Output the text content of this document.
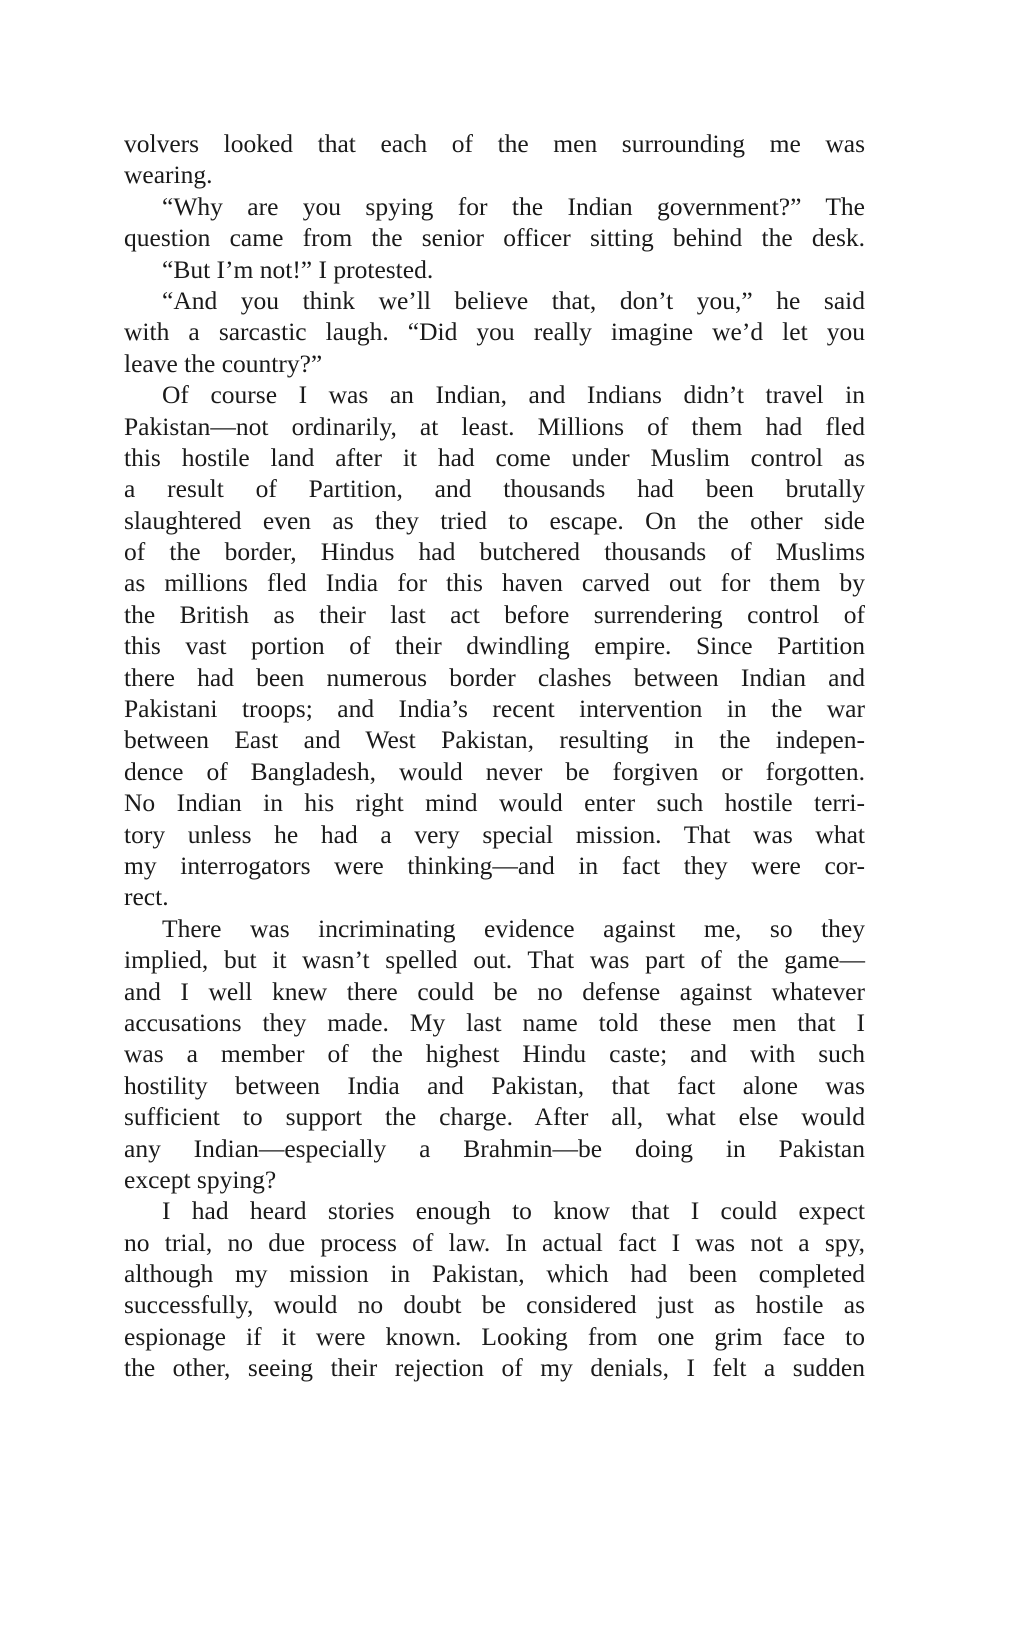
volvers looked that each of the men surrounding me was
wearing.
“Why are you spying for the Indian government?” The
question came from the senior officer sitting behind the desk.
“But I’m not!” I protested.
“And you think we’ll believe that, don’t you,” he said
with a sarcastic laugh. “Did you really imagine we’d let you
leave the country?”
Of course I was an Indian, and Indians didn’t travel in
Pakistan—not ordinarily, at least. Millions of them had fled
this hostile land after it had come under Muslim control as
a result of Partition, and thousands had been brutally
slaughtered even as they tried to escape. On the other side
of the border, Hindus had butchered thousands of Muslims
as millions fled India for this haven carved out for them by
the British as their last act before surrendering control of
this vast portion of their dwindling empire. Since Partition
there had been numerous border clashes between Indian and
Pakistani troops; and India’s recent intervention in the war
between East and West Pakistan, resulting in the indepen-
dence of Bangladesh, would never be forgiven or forgotten.
No Indian in his right mind would enter such hostile terri-
tory unless he had a very special mission. That was what
my interrogators were thinking—and in fact they were cor-
rect.
There was incriminating evidence against me, so they
implied, but it wasn’t spelled out. That was part of the game—
and I well knew there could be no defense against whatever
accusations they made. My last name told these men that I
was a member of the highest Hindu caste; and with such
hostility between India and Pakistan, that fact alone was
sufficient to support the charge. After all, what else would
any Indian—especially a Brahmin—be doing in Pakistan
except spying?
I had heard stories enough to know that I could expect
no trial, no due process of law. In actual fact I was not a spy,
although my mission in Pakistan, which had been completed
successfully, would no doubt be considered just as hostile as
espionage if it were known. Looking from one grim face to
the other, seeing their rejection of my denials, I felt a sudden
